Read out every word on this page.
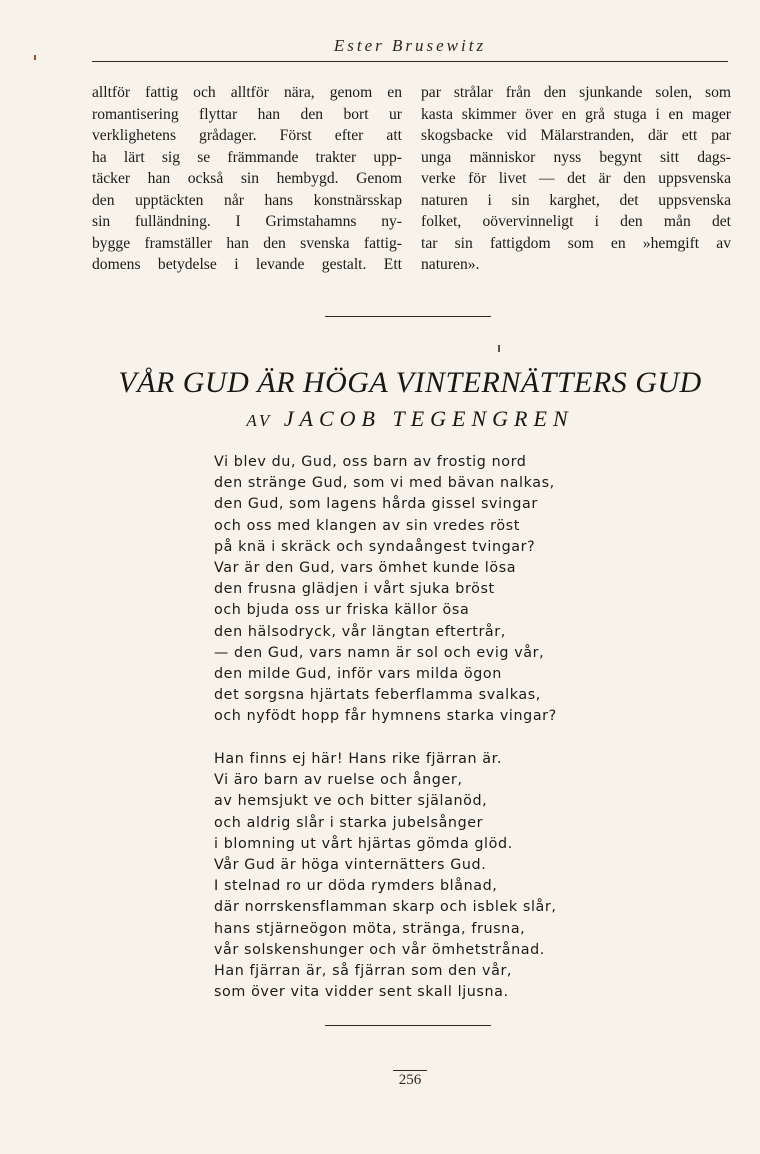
Ester Brusewitz
alltför fattig och alltför nära, genom en
romantisering flyttar han den bort ur
verklighetens grådager. Först efter att
ha lärt sig se främmande trakter upp-
täcker han också sin hembygd. Genom
den upptäckten når hans konstnärsskap
sin fulländning. I Grimstahamns ny-
bygge framställer han den svenska fattig-
domens betydelse i levande gestalt. Ett
par strålar från den sjunkande solen, som
kasta skimmer över en grå stuga i en mager
skogsbacke vid Mälarstranden, där ett par
unga människor nyss begynt sitt dags-
verke för livet — det är den uppsvenska
naturen i sin karghet, det uppsvenska
folket, oövervinneligt i den mån det
tar sin fattigdom som en »hemgift av
naturen».
VÅR GUD ÄR HÖGA VINTERNÄTTERS GUD
AV JACOB TEGENGREN
Vi blev du, Gud, oss barn av frostig nord
den stränge Gud, som vi med bävan nalkas,
den Gud, som lagens hårda gissel svingar
och oss med klangen av sin vredes röst
på knä i skräck och syndaångest tvingar?
Var är den Gud, vars ömhet kunde lösa
den frusna glädjen i vårt sjuka bröst
och bjuda oss ur friska källor ösa
den hälsodryck, vår längtan eftertrår,
— den Gud, vars namn är sol och evig vår,
den milde Gud, inför vars milda ögon
det sorgsna hjärtats feberflamma svalkas,
och nyfödt hopp får hymnens starka vingar?
Han finns ej här! Hans rike fjärran är.
Vi äro barn av ruelse och ånger,
av hemsjukt ve och bitter själanöd,
och aldrig slår i starka jubelsånger
i blomning ut vårt hjärtas gömda glöd.
Vår Gud är höga vinternätters Gud.
I stelnad ro ur döda rymders blånad,
där norrskensflamman skarp och isblek slår,
hans stjärneögon möta, stränga, frusna,
vår solskenshunger och vår ömhetstrånad.
Han fjärran är, så fjärran som den vår,
som över vita vidder sent skall ljusna.
256
